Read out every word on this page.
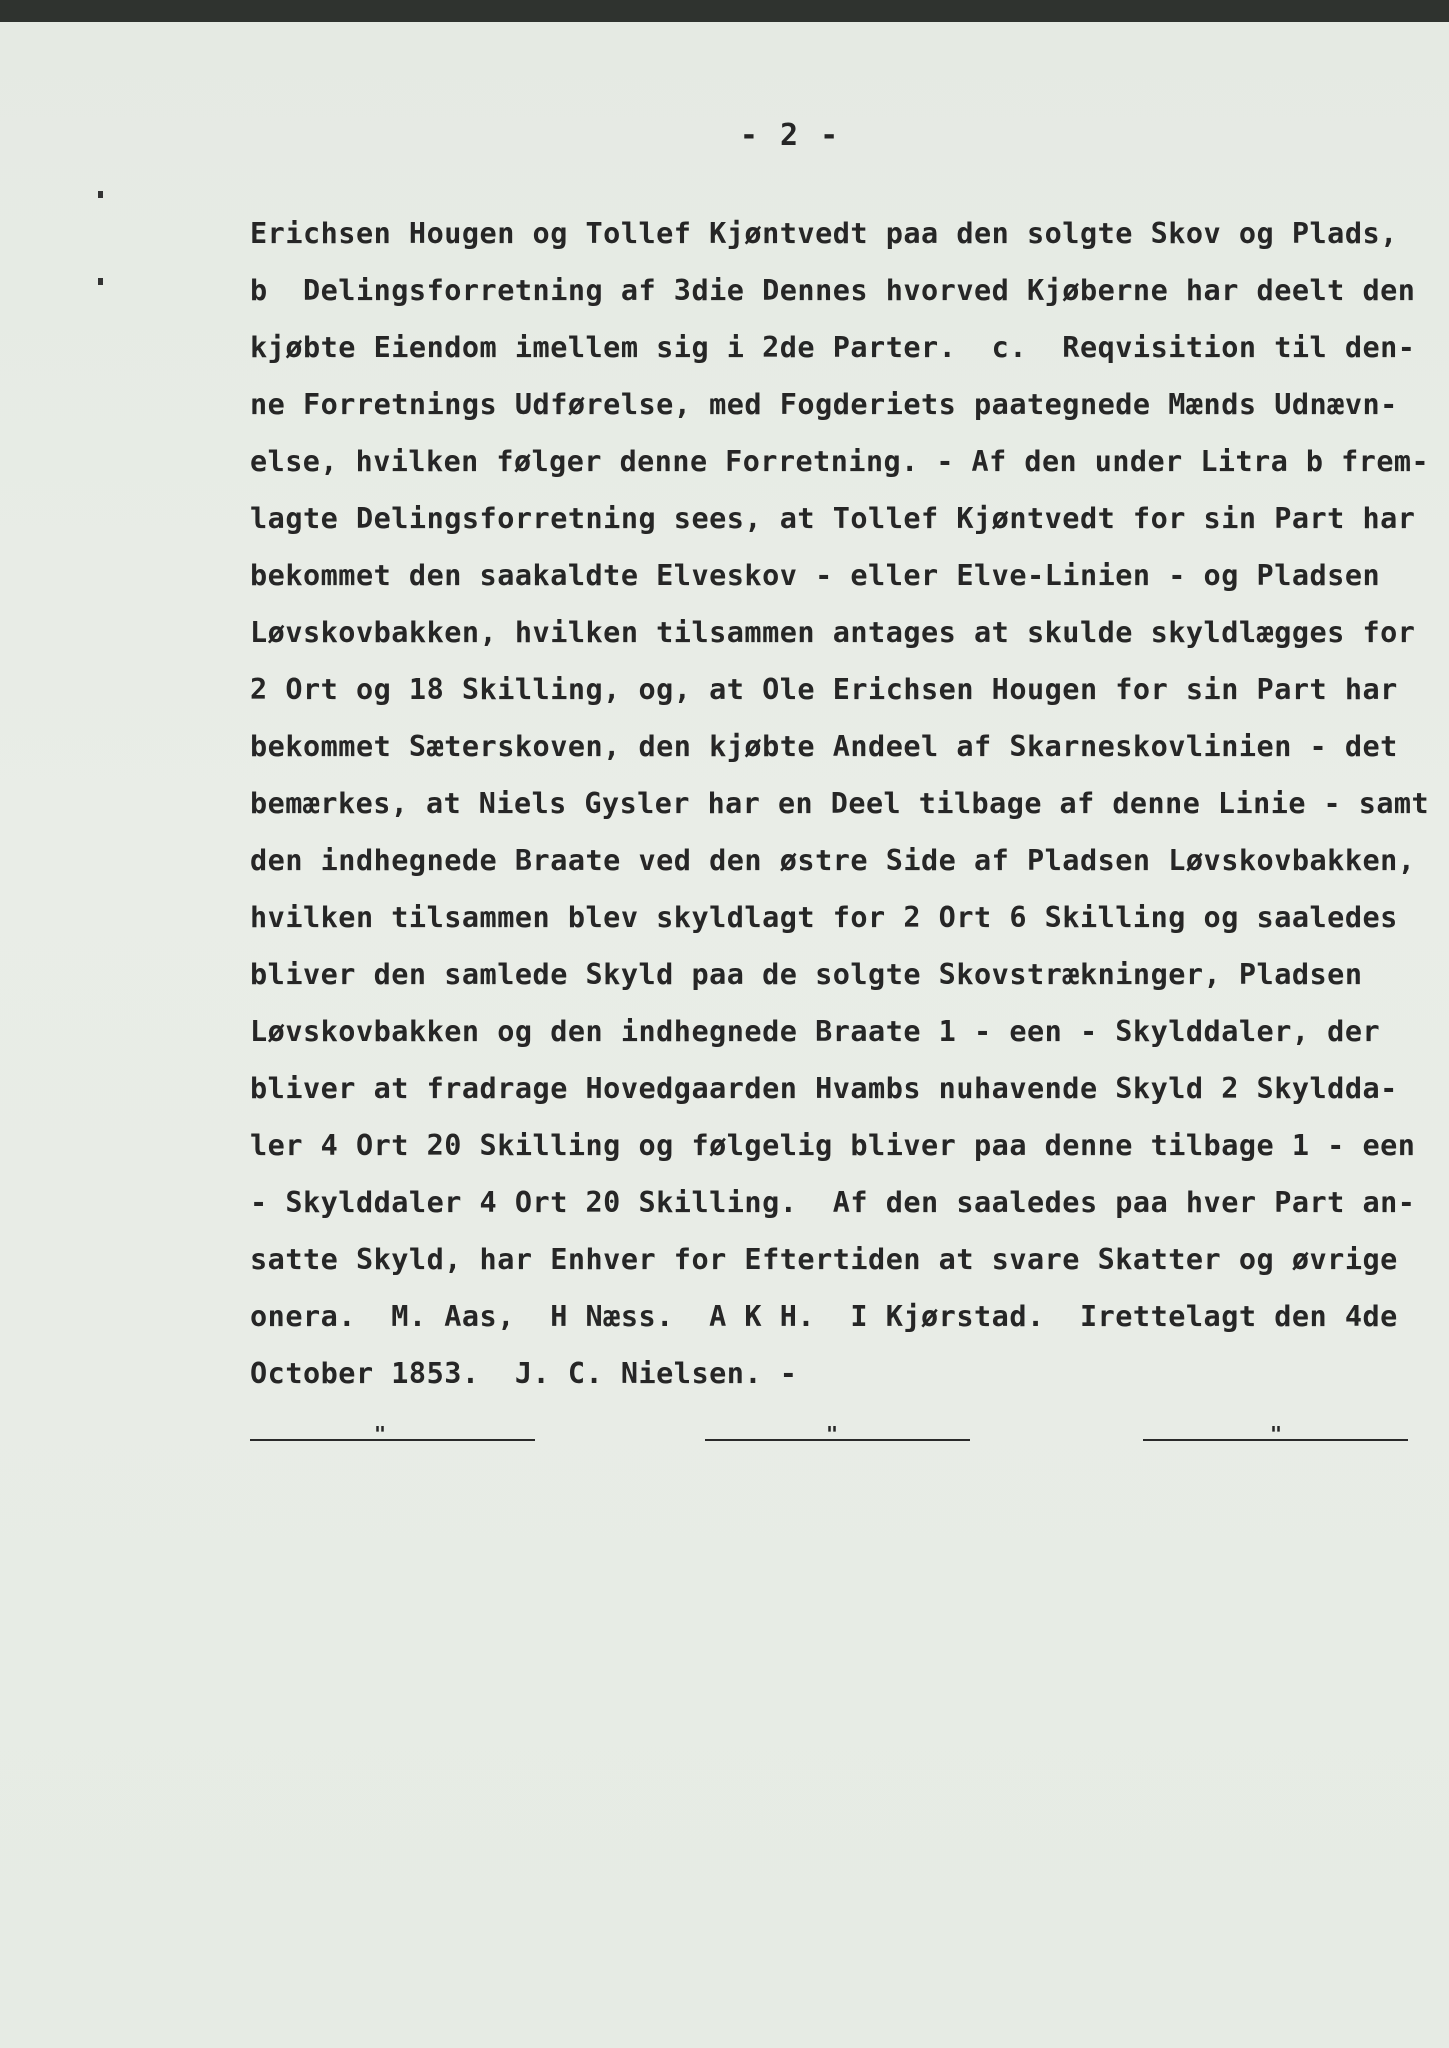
- 2 -
Erichsen Hougen og Tollef Kjøntvedt paa den solgte Skov og Plads,
b  Delingsforretning af 3die Dennes hvorved Kjøberne har deelt den
kjøbte Eiendom imellem sig i 2de Parter.  c.  Reqvisition til den-
ne Forretnings Udførelse, med Fogderiets paategnede Mænds Udnævn-
else, hvilken følger denne Forretning. - Af den under Litra b frem-
lagte Delingsforretning sees, at Tollef Kjøntvedt for sin Part har
bekommet den saakaldte Elveskov - eller Elve-Linien - og Pladsen
Løvskovbakken, hvilken tilsammen antages at skulde skyldlægges for
2 Ort og 18 Skilling, og, at Ole Erichsen Hougen for sin Part har
bekommet Sæterskoven, den kjøbte Andeel af Skarneskovlinien - det
bemærkes, at Niels Gysler har en Deel tilbage af denne Linie - samt
den indhegnede Braate ved den østre Side af Pladsen Løvskovbakken,
hvilken tilsammen blev skyldlagt for 2 Ort 6 Skilling og saaledes
bliver den samlede Skyld paa de solgte Skovstrækninger, Pladsen
Løvskovbakken og den indhegnede Braate 1 - een - Skylddaler, der
bliver at fradrage Hovedgaarden Hvambs nuhavende Skyld 2 Skyldda-
ler 4 Ort 20 Skilling og følgelig bliver paa denne tilbage 1 - een
- Skylddaler 4 Ort 20 Skilling.  Af den saaledes paa hver Part an-
satte Skyld, har Enhver for Eftertiden at svare Skatter og øvrige
onera.  M. Aas,  H Næss.  A K H.  I Kjørstad.  Irettelagt den 4de
October 1853.  J. C. Nielsen. -
"	"	"
